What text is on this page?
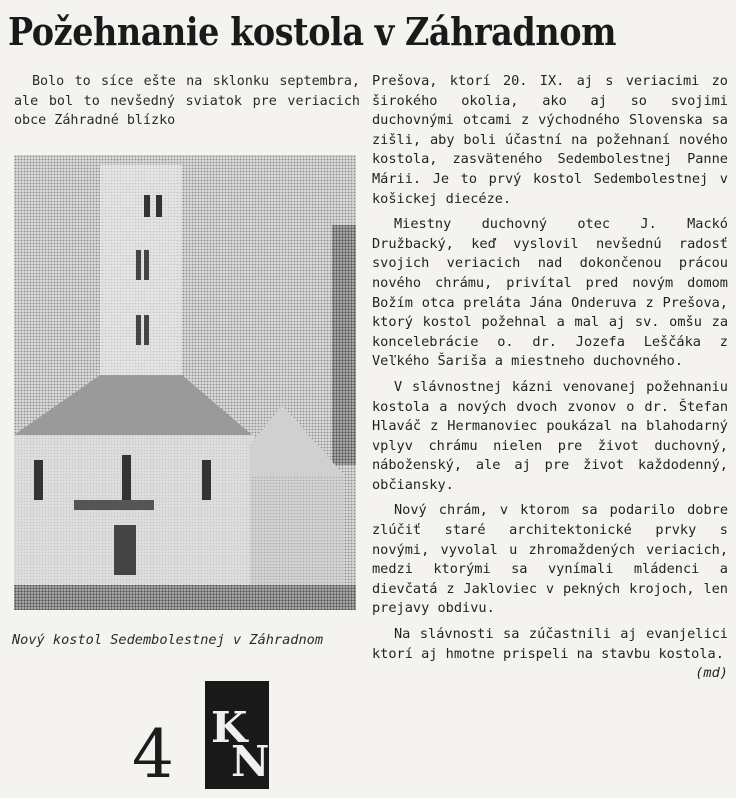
Požehnanie kostola v Záhradnom

Bolo to síce ešte na sklonku septembra, ale bol to nevšedný sviatok pre veriacich obce Záhradné blízko

Nový kostol Sedembolestnej v Záhradnom
4 K
N

Prešova, ktorí 20. IX. aj s veriacimi zo širokého okolia, ako aj so svojimi duchovnými otcami z východného Slovenska sa zišli, aby boli účastní na požehnaní nového kostola, zasväteného Sedembolestnej Panne Márii. Je to prvý kostol Sedembolestnej v košickej diecéze.

Miestny duchovný otec J. Mackó Družbacký, keď vyslovil nevšednú radosť svojich veriacich nad dokončenou prácou nového chrámu, privítal pred novým domom Božím otca preláta Jána Onderuva z Prešova, ktorý kostol požehnal a mal aj sv. omšu za koncelebrácie o. dr. Jozefa Leščáka z Veľkého Šariša a miestneho duchovného.

V slávnostnej kázni venovanej požehnaniu kostola a nových dvoch zvonov o dr. Štefan Hlaváč z Hermanoviec poukázal na blahodarný vplyv chrámu nielen pre život duchovný, náboženský, ale aj pre život každodenný, občiansky.

Nový chrám, v ktorom sa podarilo dobre zlúčiť staré architektonické prvky s novými, vyvolal u zhromaždených veriacich, medzi ktorými sa vynímali mládenci a dievčatá z Jakloviec v pekných krojoch, len prejavy obdivu.

Na slávnosti sa zúčastnili aj evanjelici ktorí aj hmotne prispeli na stavbu kostola.
(md)
